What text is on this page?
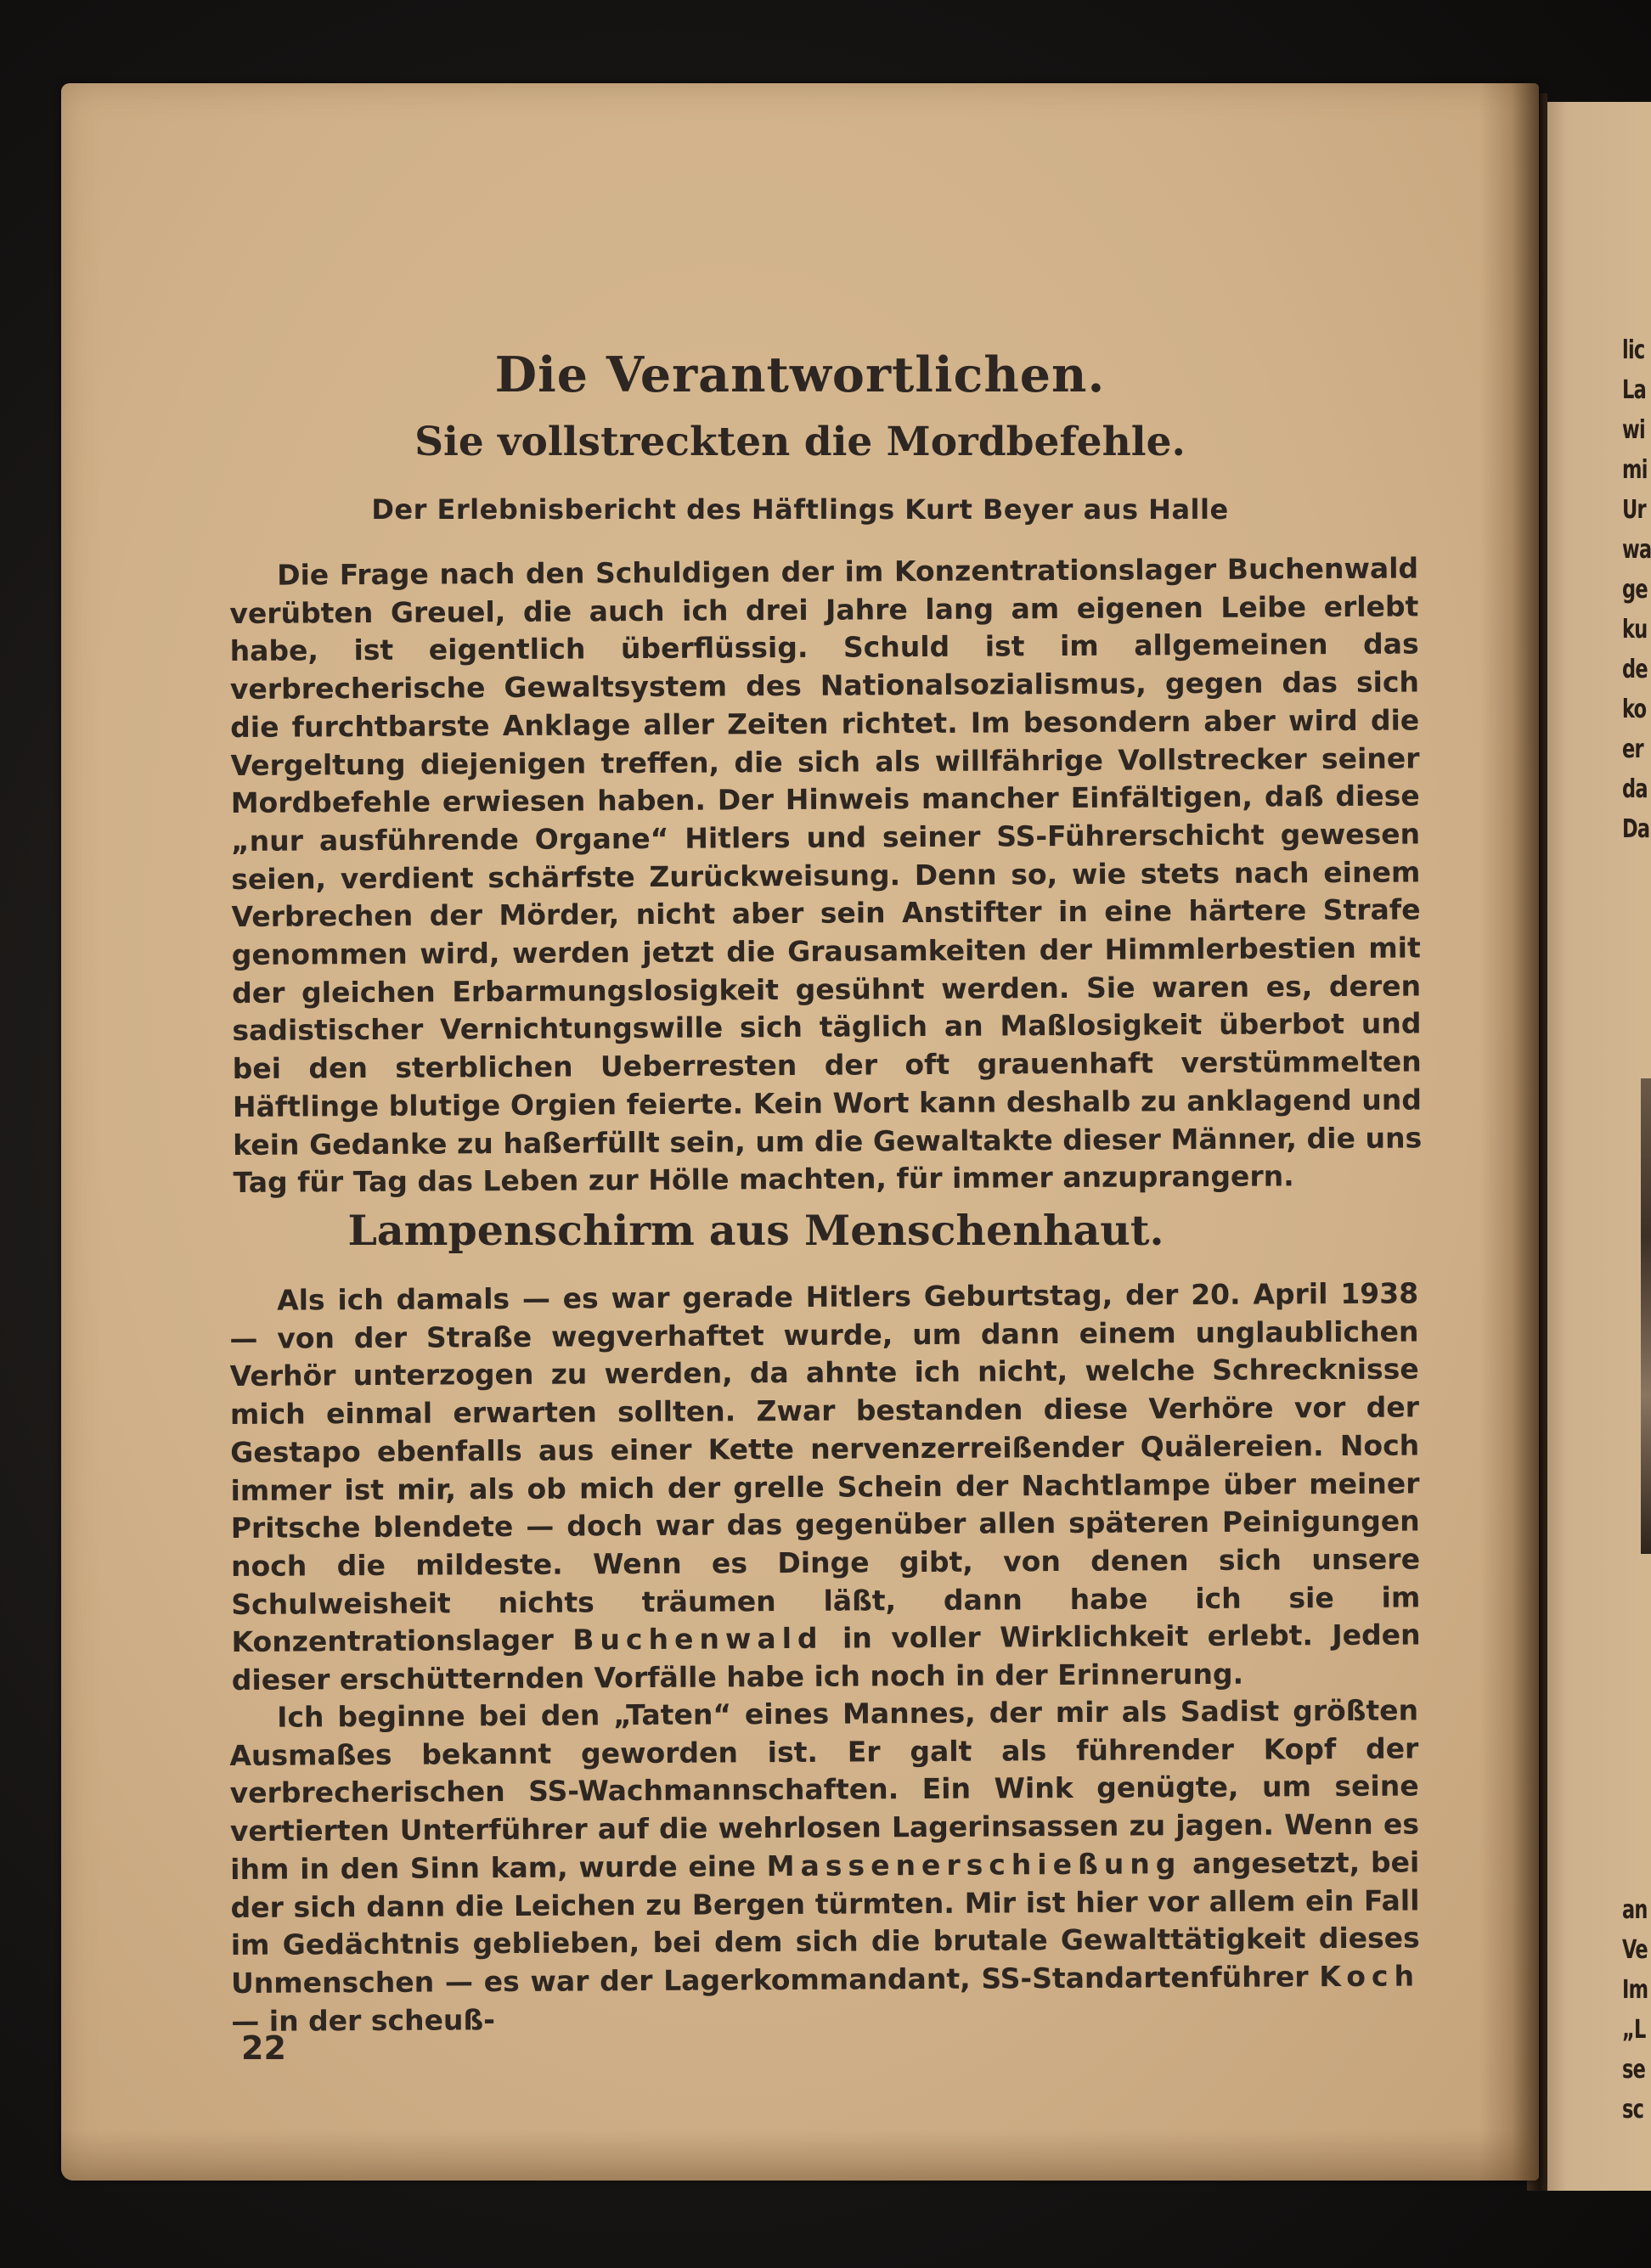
lic
La
wi
mi
Ur
wa
ge
ku
de
ko
er
da
Da
an
Ve
Im
„L
se
sc
Die Verantwortlichen.
Sie vollstreckten die Mordbefehle.
Der Erlebnisbericht des Häftlings Kurt Beyer aus Halle

Die Frage nach den Schuldigen der im Konzentrationslager Buchenwald verübten Greuel, die auch ich drei Jahre lang am eigenen Leibe erlebt habe, ist eigentlich überflüssig. Schuld ist im allgemeinen das verbrecherische Gewaltsystem des Nationalsozialismus, gegen das sich die furchtbarste Anklage aller Zeiten richtet. Im besondern aber wird die Vergeltung diejenigen treffen, die sich als willfährige Vollstrecker seiner Mordbefehle erwiesen haben. Der Hinweis mancher Einfältigen, daß diese „nur ausführende Organe“ Hitlers und seiner SS-Führerschicht gewesen seien, verdient schärfste Zurückweisung. Denn so, wie stets nach einem Verbrechen der Mörder, nicht aber sein Anstifter in eine härtere Strafe genommen wird, werden jetzt die Grausamkeiten der Himmlerbestien mit der gleichen Erbarmungslosigkeit gesühnt werden. Sie waren es, deren sadistischer Vernichtungswille sich täglich an Maßlosigkeit überbot und bei den sterblichen Ueberresten der oft grauenhaft verstümmelten Häftlinge blutige Orgien feierte. Kein Wort kann deshalb zu anklagend und kein Gedanke zu haßerfüllt sein, um die Gewaltakte dieser Männer, die uns Tag für Tag das Leben zur Hölle machten, für immer anzuprangern.

Lampenschirm aus Menschenhaut.

Als ich damals — es war gerade Hitlers Geburtstag, der 20. April 1938 — von der Straße wegverhaftet wurde, um dann einem unglaublichen Verhör unterzogen zu werden, da ahnte ich nicht, welche Schrecknisse mich einmal erwarten sollten. Zwar bestanden diese Verhöre vor der Gestapo ebenfalls aus einer Kette nervenzerreißender Quälereien. Noch immer ist mir, als ob mich der grelle Schein der Nachtlampe über meiner Pritsche blendete — doch war das gegenüber allen späteren Peinigungen noch die mildeste. Wenn es Dinge gibt, von denen sich unsere Schulweisheit nichts träumen läßt, dann habe ich sie im Konzentrationslager Buchenwald in voller Wirklichkeit erlebt. Jeden dieser erschütternden Vorfälle habe ich noch in der Erinnerung.

Ich beginne bei den „Taten“ eines Mannes, der mir als Sadist größten Ausmaßes bekannt geworden ist. Er galt als führender Kopf der verbrecherischen SS-Wachmannschaften. Ein Wink genügte, um seine vertierten Unterführer auf die wehrlosen Lagerinsassen zu jagen. Wenn es ihm in den Sinn kam, wurde eine Massenerschießung angesetzt, bei der sich dann die Leichen zu Bergen türmten. Mir ist hier vor allem ein Fall im Gedächtnis geblieben, bei dem sich die brutale Gewalttätigkeit dieses Unmenschen — es war der Lagerkommandant, SS-Standartenführer Koch — in der scheuß-

22
